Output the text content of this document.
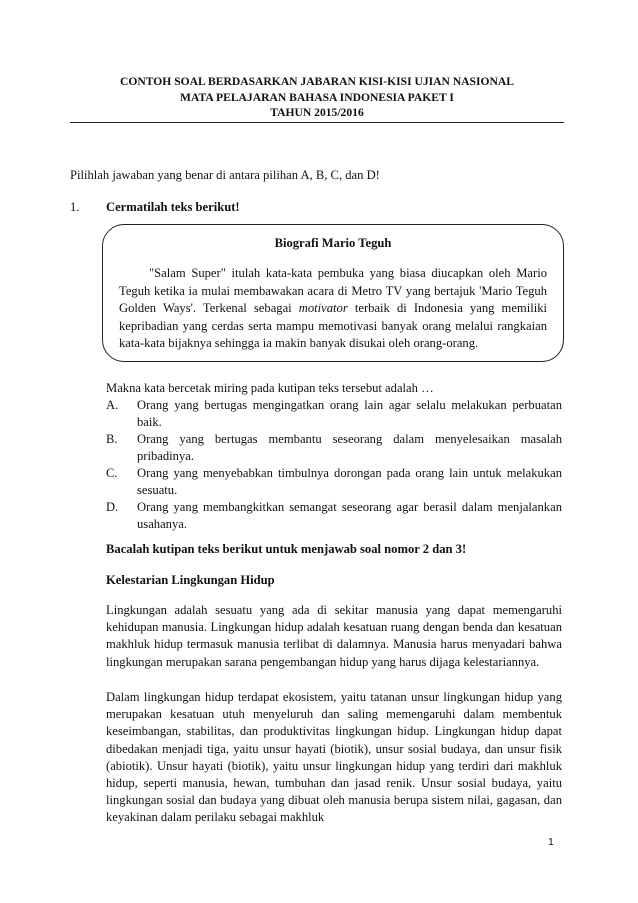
CONTOH SOAL BERDASARKAN JABARAN KISI-KISI UJIAN NASIONAL
MATA PELAJARAN BAHASA INDONESIA PAKET I
TAHUN 2015/2016
Pilihlah jawaban yang benar di antara pilihan A, B, C, dan D!
1. Cermatilah teks berikut!
Biografi Mario Teguh
"Salam Super" itulah kata-kata pembuka yang biasa diucapkan oleh Mario Teguh ketika ia mulai membawakan acara di Metro TV yang bertajuk 'Mario Teguh Golden Ways'. Terkenal sebagai motivator terbaik di Indonesia yang memiliki kepribadian yang cerdas serta mampu memotivasi banyak orang melalui rangkaian kata-kata bijaknya sehingga ia makin banyak disukai oleh orang-orang.
Makna kata bercetak miring pada kutipan teks tersebut adalah …
A.	Orang yang bertugas mengingatkan orang lain agar selalu melakukan perbuatan baik.
B.	Orang yang bertugas membantu seseorang dalam menyelesaikan masalah pribadinya.
C.	Orang yang menyebabkan timbulnya dorongan pada orang lain untuk melakukan sesuatu.
D.	Orang yang membangkitkan semangat seseorang agar berasil dalam menjalankan usahanya.
Bacalah kutipan teks berikut untuk menjawab soal nomor 2 dan 3!
Kelestarian Lingkungan Hidup
Lingkungan adalah sesuatu yang ada di sekitar manusia yang dapat memengaruhi kehidupan manusia. Lingkungan hidup adalah kesatuan ruang dengan benda dan kesatuan makhluk hidup termasuk manusia terlibat di dalamnya. Manusia harus menyadari bahwa lingkungan merupakan sarana pengembangan hidup yang harus dijaga kelestariannya.
Dalam lingkungan hidup terdapat ekosistem, yaitu tatanan unsur lingkungan hidup yang merupakan kesatuan utuh menyeluruh dan saling memengaruhi dalam membentuk keseimbangan, stabilitas, dan produktivitas lingkungan hidup. Lingkungan hidup dapat dibedakan menjadi tiga, yaitu unsur hayati (biotik), unsur sosial budaya, dan unsur fisik (abiotik). Unsur hayati (biotik), yaitu unsur lingkungan hidup yang terdiri dari makhluk hidup, seperti manusia, hewan, tumbuhan dan jasad renik. Unsur sosial budaya, yaitu lingkungan sosial dan budaya yang dibuat oleh manusia berupa sistem nilai, gagasan, dan keyakinan dalam perilaku sebagai makhluk
1
